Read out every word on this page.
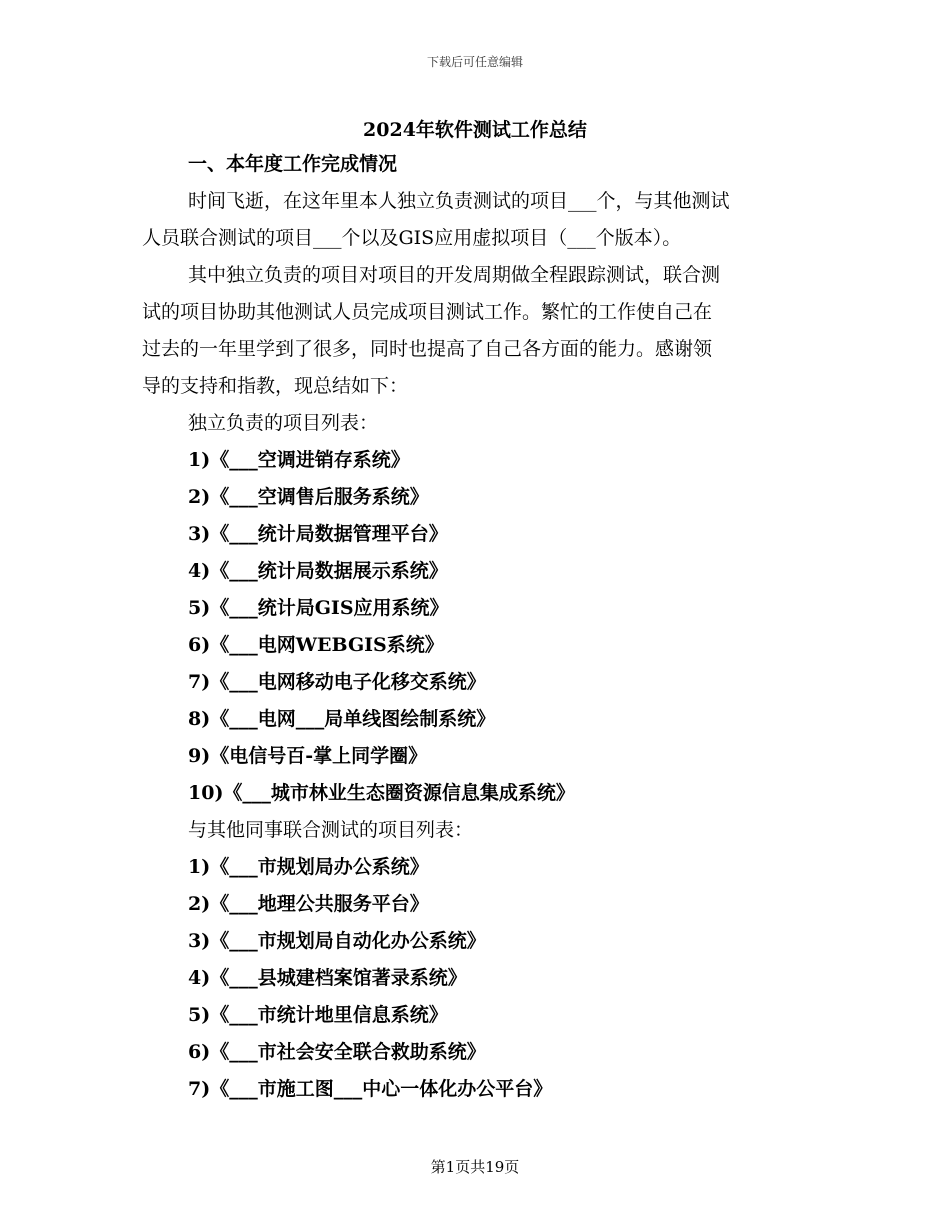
下载后可任意编辑
2024年软件测试工作总结
一、本年度工作完成情况
时间飞逝，在这年里本人独立负责测试的项目___个，与其他测试
人员联合测试的项目___个以及GIS应用虚拟项目（___个版本）。
其中独立负责的项目对项目的开发周期做全程跟踪测试，联合测
试的项目协助其他测试人员完成项目测试工作。繁忙的工作使自己在
过去的一年里学到了很多，同时也提高了自己各方面的能力。感谢领
导的支持和指教，现总结如下：
独立负责的项目列表：
1)《___空调进销存系统》
2)《___空调售后服务系统》
3)《___统计局数据管理平台》
4)《___统计局数据展示系统》
5)《___统计局GIS应用系统》
6)《___电网WEBGIS系统》
7)《___电网移动电子化移交系统》
8)《___电网___局单线图绘制系统》
9)《电信号百-掌上同学圈》
10)《___城市林业生态圈资源信息集成系统》
与其他同事联合测试的项目列表：
1)《___市规划局办公系统》
2)《___地理公共服务平台》
3)《___市规划局自动化办公系统》
4)《___县城建档案馆著录系统》
5)《___市统计地里信息系统》
6)《___市社会安全联合救助系统》
7)《___市施工图___中心一体化办公平台》
第1页共19页
